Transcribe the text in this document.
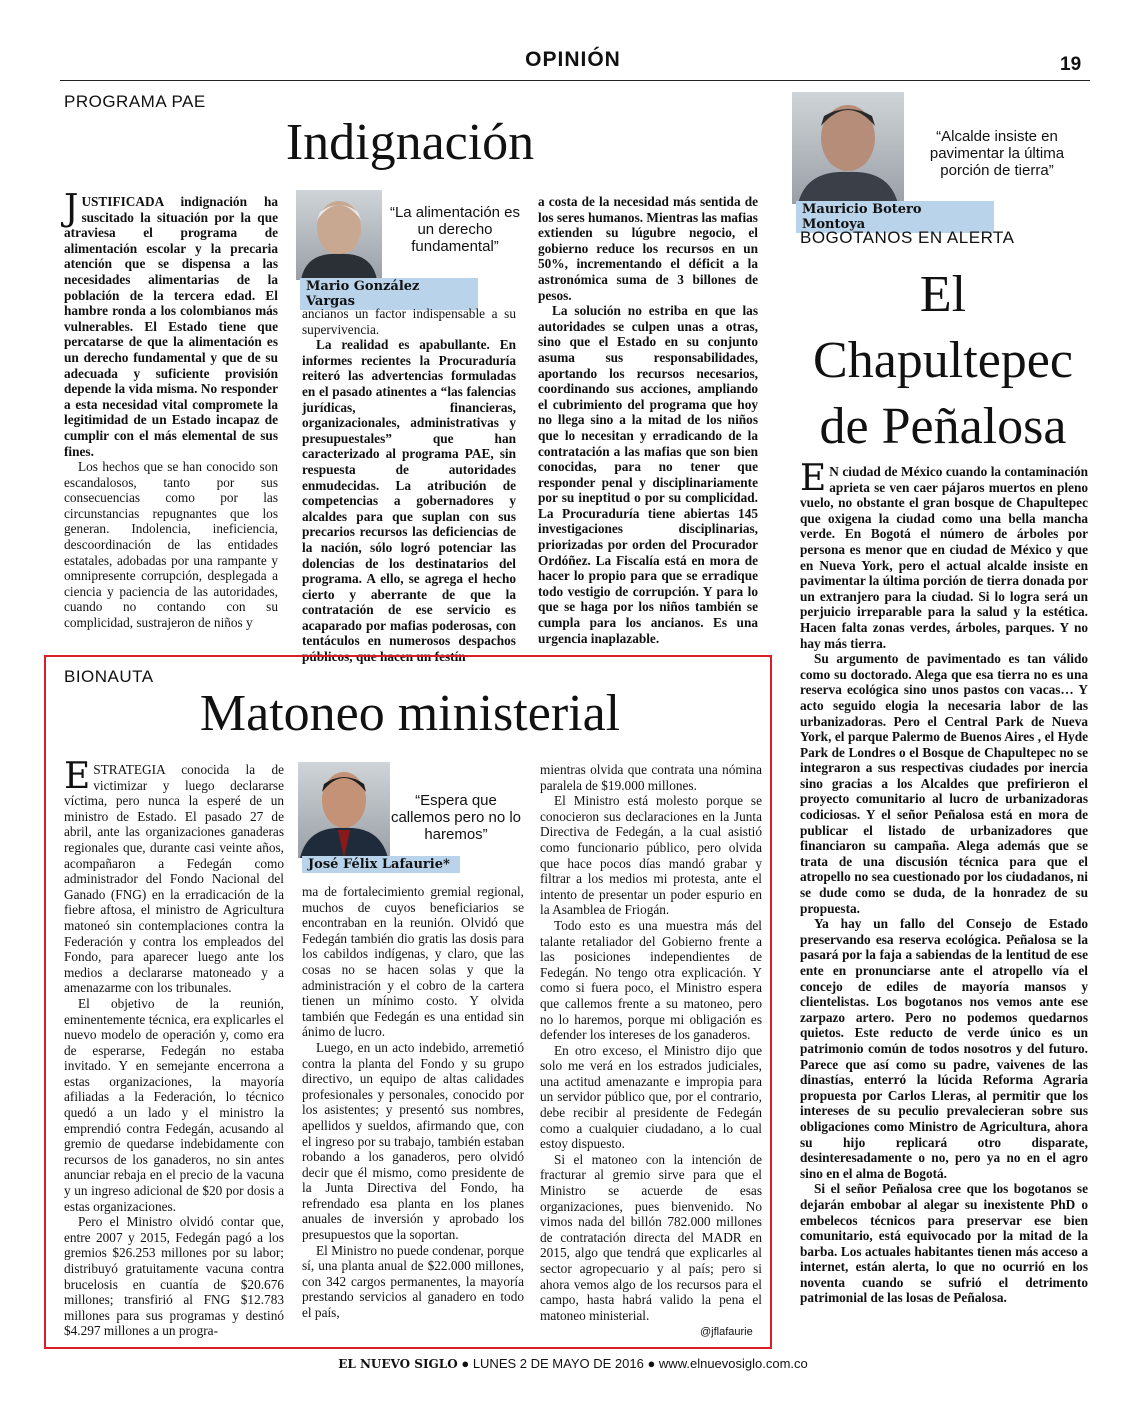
OPINIÓN	19
PROGRAMA PAE
Indignación
J USTIFICADA indignación ha suscitado la situación por la que atraviesa el programa de alimentación escolar y la precaria atención que se dispensa a las necesidades alimentarias de la población de la tercera edad. El hambre ronda a los colombianos más vulnerables. El Estado tiene que percatarse de que la alimentación es un derecho fundamental y que de su adecuada y suficiente provisión depende la vida misma. No responder a esta necesidad vital compromete la legitimidad de un Estado incapaz de cumplir con el más elemental de sus fines.

Los hechos que se han conocido son escandalosos, tanto por sus consecuencias como por las circunstancias repugnantes que los generan. Indolencia, ineficiencia, descoordinación de las entidades estatales, adobadas por una rampante y omnipresente corrupción, desplegada a ciencia y paciencia de las autoridades, cuando no contando con su complicidad, sustrajeron de niños y

“La alimentación es un derecho fundamental”
Mario González Vargas

ancianos un factor indispensable a su supervivencia.

La realidad es apabullante. En informes recientes la Procuraduría reiteró las advertencias formuladas en el pasado atinentes a “las falencias jurídicas, financieras, organizacionales, administrativas y presupuestales” que han caracterizado al programa PAE, sin respuesta de autoridades enmudecidas. La atribución de competencias a gobernadores y alcaldes para que suplan con sus precarios recursos las deficiencias de la nación, sólo logró potenciar las dolencias de los destinatarios del programa. A ello, se agrega el hecho cierto y aberrante de que la contratación de ese servicio es acaparado por mafias poderosas, con tentáculos en numerosos despachos públicos, que hacen un festín

a costa de la necesidad más sentida de los seres humanos. Mientras las mafias extienden su lúgubre negocio, el gobierno reduce los recursos en un 50%, incrementando el déficit a la astronómica suma de 3 billones de pesos.

La solución no estriba en que las autoridades se culpen unas a otras, sino que el Estado en su conjunto asuma sus responsabilidades, aportando los recursos necesarios, coordinando sus acciones, ampliando el cubrimiento del programa que hoy no llega sino a la mitad de los niños que lo necesitan y erradicando de la contratación a las mafias que son bien conocidas, para no tener que responder penal y disciplinariamente por su ineptitud o por su complicidad. La Procuraduría tiene abiertas 145 investigaciones disciplinarias, priorizadas por orden del Procurador Ordóñez. La Fiscalía está en mora de hacer lo propio para que se erradique todo vestigio de corrupción. Y para lo que se haga por los niños también se cumpla para los ancianos. Es una urgencia inaplazable.

“Alcalde insiste en pavimentar la última porción de tierra”
Mauricio Botero Montoya
BOGOTANOS EN ALERTA
El
Chapultepec
de Peñalosa
E N ciudad de México cuando la contaminación aprieta se ven caer pájaros muertos en pleno vuelo, no obstante el gran bosque de Chapultepec que oxigena la ciudad como una bella mancha verde. En Bogotá el número de árboles por persona es menor que en ciudad de México y que en Nueva York, pero el actual alcalde insiste en pavimentar la última porción de tierra donada por un extranjero para la ciudad. Si lo logra será un perjuicio irreparable para la salud y la estética. Hacen falta zonas verdes, árboles, parques. Y no hay más tierra.

Su argumento de pavimentado es tan válido como su doctorado. Alega que esa tierra no es una reserva ecológica sino unos pastos con vacas… Y acto seguido elogia la necesaria labor de las urbanizadoras. Pero el Central Park de Nueva York, el parque Palermo de Buenos Aires , el Hyde Park de Londres o el Bosque de Chapultepec no se integraron a sus respectivas ciudades por inercia sino gracias a los Alcaldes que prefirieron el proyecto comunitario al lucro de urbanizadoras codiciosas. Y el señor Peñalosa está en mora de publicar el listado de urbanizadores que financiaron su campaña. Alega además que se trata de una discusión técnica para que el atropello no sea cuestionado por los ciudadanos, ni se dude como se duda, de la honradez de su propuesta.

Ya hay un fallo del Consejo de Estado preservando esa reserva ecológica. Peñalosa se la pasará por la faja a sabiendas de la lentitud de ese ente en pronunciarse ante el atropello vía el concejo de ediles de mayoría mansos y clientelistas. Los bogotanos nos vemos ante ese zarpazo artero. Pero no podemos quedarnos quietos. Este reducto de verde único es un patrimonio común de todos nosotros y del futuro. Parece que así como su padre, vaivenes de las dinastías, enterró la lúcida Reforma Agraria propuesta por Carlos Lleras, al permitir que los intereses de su peculio prevalecieran sobre sus obligaciones como Ministro de Agricultura, ahora su hijo replicará otro disparate, desinteresadamente o no, pero ya no en el agro sino en el alma de Bogotá.

Si el señor Peñalosa cree que los bogotanos se dejarán embobar al alegar su inexistente PhD o embelecos técnicos para preservar ese bien comunitario, está equivocado por la mitad de la barba. Los actuales habitantes tienen más acceso a internet, están alerta, lo que no ocurrió en los noventa cuando se sufrió el detrimento patrimonial de las losas de Peñalosa.

BIONAUTA
Matoneo ministerial
E STRATEGIA conocida la de victimizar y luego declararse víctima, pero nunca la esperé de un ministro de Estado. El pasado 27 de abril, ante las organizaciones ganaderas regionales que, durante casi veinte años, acompañaron a Fedegán como administrador del Fondo Nacional del Ganado (FNG) en la erradicación de la fiebre aftosa, el ministro de Agricultura matoneó sin contemplaciones contra la Federación y contra los empleados del Fondo, para aparecer luego ante los medios a declararse matoneado y a amenazarme con los tribunales.

El objetivo de la reunión, eminentemente técnica, era explicarles el nuevo modelo de operación y, como era de esperarse, Fedegán no estaba invitado. Y en semejante encerrona a estas organizaciones, la mayoría afiliadas a la Federación, lo técnico quedó a un lado y el ministro la emprendió contra Fedegán, acusando al gremio de quedarse indebidamente con recursos de los ganaderos, no sin antes anunciar rebaja en el precio de la vacuna y un ingreso adicional de $20 por dosis a estas organizaciones.

Pero el Ministro olvidó contar que, entre 2007 y 2015, Fedegán pagó a los gremios $26.253 millones por su labor; distribuyó gratuitamente vacuna contra brucelosis en cuantía de $20.676 millones; transfirió al FNG $12.783 millones para sus programas y destinó $4.297 millones a un progra-

“Espera que callemos pero no lo haremos”
José Félix Lafaurie*

ma de fortalecimiento gremial regional, muchos de cuyos beneficiarios se encontraban en la reunión. Olvidó que Fedegán también dio gratis las dosis para los cabildos indígenas, y claro, que las cosas no se hacen solas y que la administración y el cobro de la cartera tienen un mínimo costo. Y olvida también que Fedegán es una entidad sin ánimo de lucro.

Luego, en un acto indebido, arremetió contra la planta del Fondo y su grupo directivo, un equipo de altas calidades profesionales y personales, conocido por los asistentes; y presentó sus nombres, apellidos y sueldos, afirmando que, con el ingreso por su trabajo, también estaban robando a los ganaderos, pero olvidó decir que él mismo, como presidente de la Junta Directiva del Fondo, ha refrendado esa planta en los planes anuales de inversión y aprobado los presupuestos que la soportan.

El Ministro no puede condenar, porque sí, una planta anual de $22.000 millones, con 342 cargos permanentes, la mayoría prestando servicios al ganadero en todo el país,

mientras olvida que contrata una nómina paralela de $19.000 millones.

El Ministro está molesto porque se conocieron sus declaraciones en la Junta Directiva de Fedegán, a la cual asistió como funcionario público, pero olvida que hace pocos días mandó grabar y filtrar a los medios mi protesta, ante el intento de presentar un poder espurio en la Asamblea de Friogán.

Todo esto es una muestra más del talante retaliador del Gobierno frente a las posiciones independientes de Fedegán. No tengo otra explicación. Y como si fuera poco, el Ministro espera que callemos frente a su matoneo, pero no lo haremos, porque mi obligación es defender los intereses de los ganaderos.

En otro exceso, el Ministro dijo que solo me verá en los estrados judiciales, una actitud amenazante e impropia para un servidor público que, por el contrario, debe recibir al presidente de Fedegán como a cualquier ciudadano, a lo cual estoy dispuesto.

Si el matoneo con la intención de fracturar al gremio sirve para que el Ministro se acuerde de esas organizaciones, pues bienvenido. No vimos nada del billón 782.000 millones de contratación directa del MADR en 2015, algo que tendrá que explicarles al sector agropecuario y al país; pero si ahora vemos algo de los recursos para el campo, hasta habrá valido la pena el matoneo ministerial.

@jflafaurie
EL NUEVO SIGLO ● LUNES 2 DE MAYO DE 2016 ● www.elnuevosiglo.com.co
